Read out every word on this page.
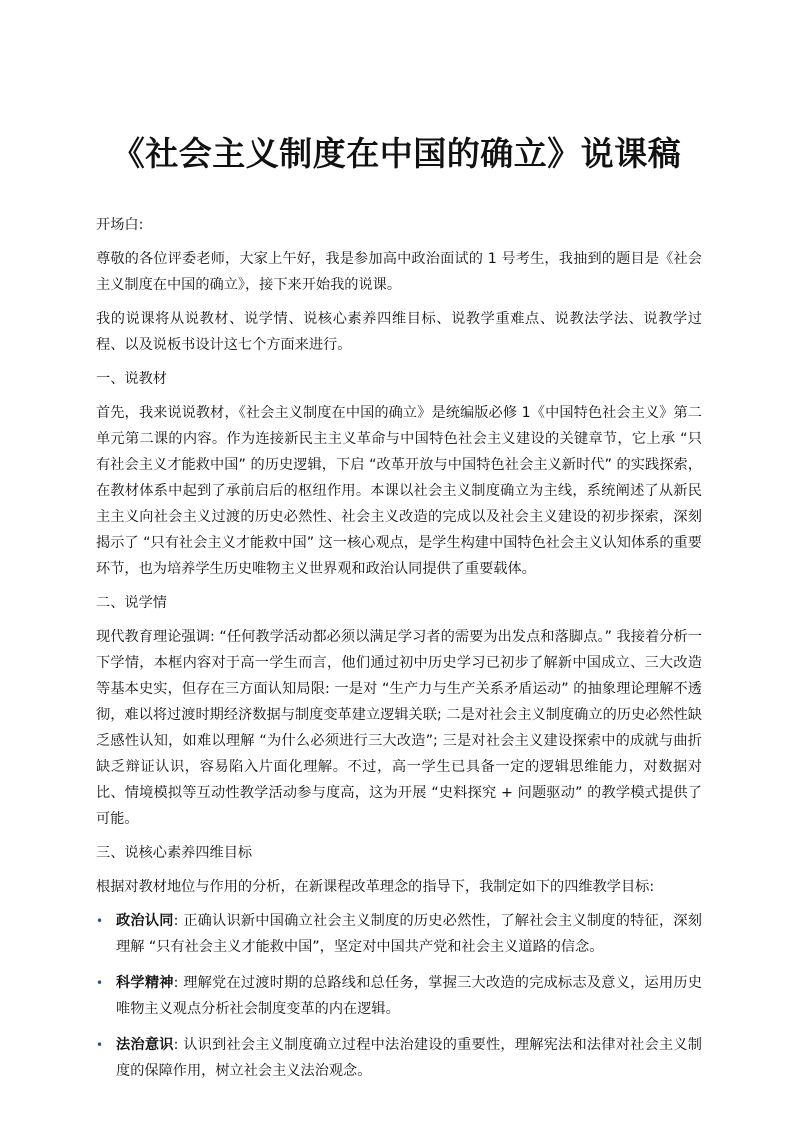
《社会主义制度在中国的确立》说课稿

开场白:

尊敬的各位评委老师，大家上午好，我是参加高中政治面试的 1 号考生，我抽到的题目是《社会主义制度在中国的确立》，接下来开始我的说课。

我的说课将从说教材、说学情、说核心素养四维目标、说教学重难点、说教法学法、说教学过程、以及说板书设计这七个方面来进行。

一、说教材

首先，我来说说教材，《社会主义制度在中国的确立》是统编版必修 1《中国特色社会主义》第二单元第二课的内容。作为连接新民主主义革命与中国特色社会主义建设的关键章节，它上承 “只有社会主义才能救中国” 的历史逻辑，下启 “改革开放与中国特色社会主义新时代” 的实践探索，在教材体系中起到了承前启后的枢纽作用。本课以社会主义制度确立为主线，系统阐述了从新民主主义向社会主义过渡的历史必然性、社会主义改造的完成以及社会主义建设的初步探索，深刻揭示了 “只有社会主义才能救中国” 这一核心观点，是学生构建中国特色社会主义认知体系的重要环节，也为培养学生历史唯物主义世界观和政治认同提供了重要载体。

二、说学情

现代教育理论强调: “任何教学活动都必须以满足学习者的需要为出发点和落脚点。” 我接着分析一下学情，本框内容对于高一学生而言，他们通过初中历史学习已初步了解新中国成立、三大改造等基本史实，但存在三方面认知局限: 一是对 “生产力与生产关系矛盾运动” 的抽象理论理解不透彻，难以将过渡时期经济数据与制度变革建立逻辑关联; 二是对社会主义制度确立的历史必然性缺乏感性认知，如难以理解 “为什么必须进行三大改造”; 三是对社会主义建设探索中的成就与曲折缺乏辩证认识，容易陷入片面化理解。不过，高一学生已具备一定的逻辑思维能力，对数据对比、情境模拟等互动性教学活动参与度高，这为开展 “史料探究 + 问题驱动” 的教学模式提供了可能。

三、说核心素养四维目标

根据对教材地位与作用的分析，在新课程改革理念的指导下，我制定如下的四维教学目标:

• 政治认同: 正确认识新中国确立社会主义制度的历史必然性，了解社会主义制度的特征，深刻理解 “只有社会主义才能救中国”，坚定对中国共产党和社会主义道路的信念。
• 科学精神: 理解党在过渡时期的总路线和总任务，掌握三大改造的完成标志及意义，运用历史唯物主义观点分析社会制度变革的内在逻辑。
• 法治意识: 认识到社会主义制度确立过程中法治建设的重要性，理解宪法和法律对社会主义制度的保障作用，树立社会主义法治观念。
